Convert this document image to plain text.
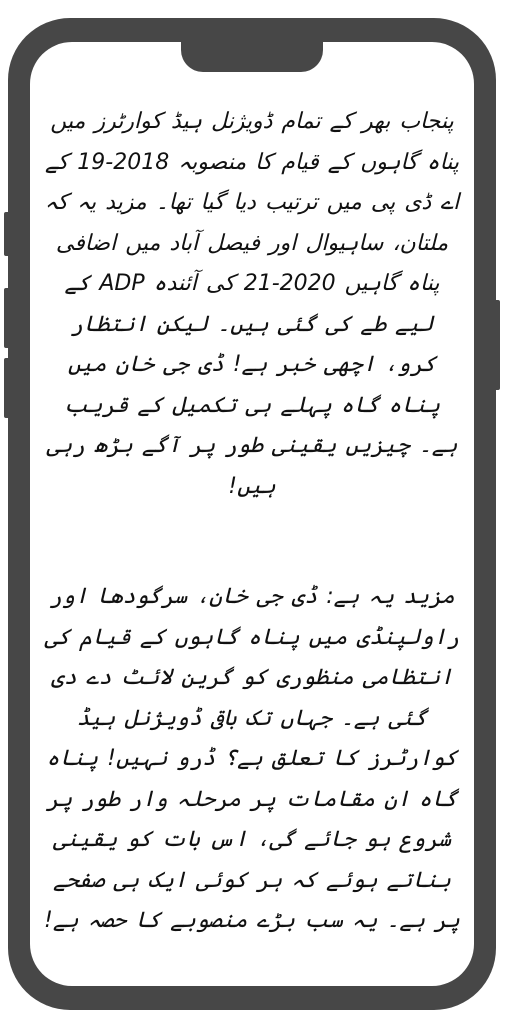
پنجاب بھر کے تمام ڈویژنل ہیڈ کوارٹرز میں پناہ گاہوں کے قیام کا منصوبہ 2018-19 کے اے ڈی پی میں ترتیب دیا گیا تھا۔ مزید یہ کہ ملتان، ساہیوال اور فیصل آباد میں اضافی پناہ گاہیں 2020-21 کی آئندہ ADP کے لیے طے کی گئی ہیں۔ لیکن انتظار کرو، اچھی خبر ہے! ڈی جی خان میں پناہ گاہ پہلے ہی تکمیل کے قریب ہے۔ چیزیں یقینی طور پر آگے بڑھ رہی ہیں!

مزید یہ ہے: ڈی جی خان، سرگودھا اور راولپنڈی میں پناہ گاہوں کے قیام کی انتظامی منظوری کو گرین لائٹ دے دی گئی ہے۔ جہاں تک باقی ڈویژنل ہیڈ کوارٹرز کا تعلق ہے؟ ڈرو نہیں! پناہ گاہ ان مقامات پر مرحلہ وار طور پر شروع ہو جائے گی، اس بات کو یقینی بناتے ہوئے کہ ہر کوئی ایک ہی صفحے پر ہے۔ یہ سب بڑے منصوبے کا حصہ ہے!
